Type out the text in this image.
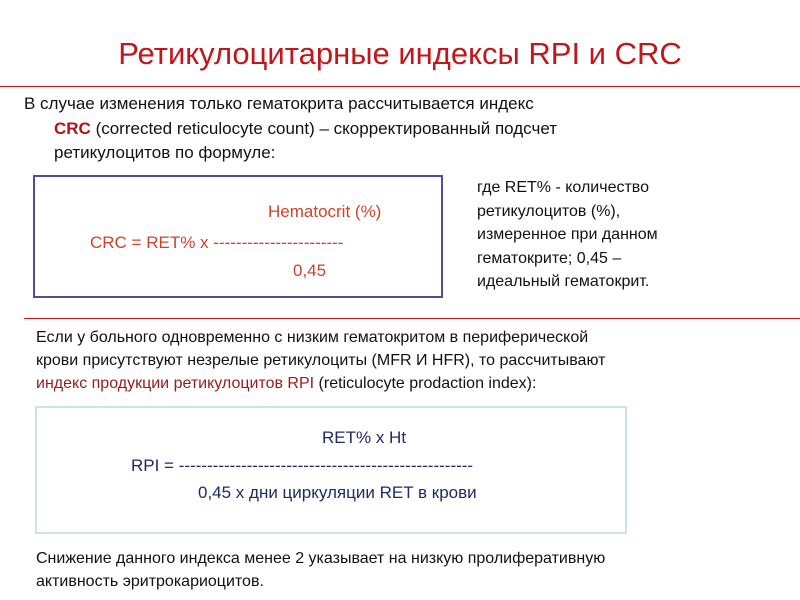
Ретикулоцитарные индексы RPI и CRC
В случае изменения только гематокрита рассчитывается индекс
CRC (corrected reticulocyte count) – скорректированный подсчет
ретикулоцитов по формуле:
Hematocrit (%)
CRC = RET% x -----------------------
0,45
где RET% - количество
ретикулоцитов (%),
измеренное при данном
гематокрите; 0,45 –
идеальный гематокрит.
Если у больного одновременно с низким гематокритом в периферической
крови присутствуют незрелые ретикулоциты (MFR И HFR), то рассчитывают
индекс продукции ретикулоцитов RPI (reticulocyte prodaction index):
RET% x Ht
RPI = ----------------------------------------------------
0,45 x дни циркуляции RET в крови
Снижение данного индекса менее 2 указывает на низкую пролиферативную
активность эритрокариоцитов.
